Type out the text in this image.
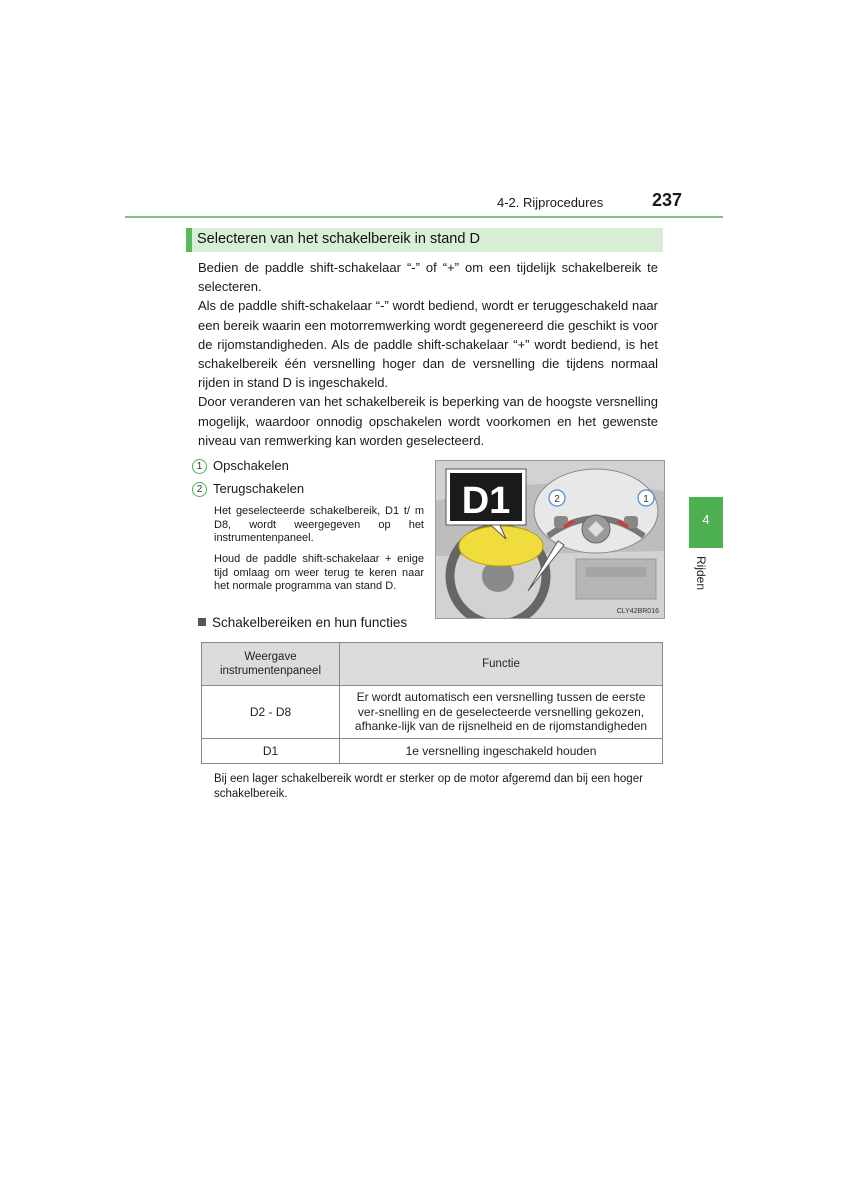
4-2. Rijprocedures	237
Selecteren van het schakelbereik in stand D

Bedien de paddle shift-schakelaar “-” of “+” om een tijdelijk schakelbereik te selecteren.

Als de paddle shift-schakelaar “-” wordt bediend, wordt er teruggeschakeld naar een bereik waarin een motorremwerking wordt gegenereerd die geschikt is voor de rijomstandigheden. Als de paddle shift-schakelaar “+” wordt bediend, is het schakelbereik één versnelling hoger dan de versnelling die tijdens normaal rijden in stand D is ingeschakeld.

Door veranderen van het schakelbereik is beperking van de hoogste versnelling mogelijk, waardoor onnodig opschakelen wordt voorkomen en het gewenste niveau van remwerking kan worden geselecteerd.

4
Rijden
1 Opschakelen
2 Terugschakelen
Het geselecteerde schakelbereik, D1 t/ m D8, wordt weergegeven op het instrumentenpaneel.
Houd de paddle shift-schakelaar + enige tijd omlaag om weer terug te keren naar het normale programma van stand D.
D1	2	1
CLY42BR016
Schakelbereiken en hun functies
Weergave instrumentenpaneel	Functie
D2 - D8	Er wordt automatisch een versnelling tussen de eerste ver-snelling en de geselecteerde versnelling gekozen, afhanke-lijk van de rijsnelheid en de rijomstandigheden
D1	1e versnelling ingeschakeld houden
Bij een lager schakelbereik wordt er sterker op de motor afgeremd dan bij een hoger schakelbereik.
